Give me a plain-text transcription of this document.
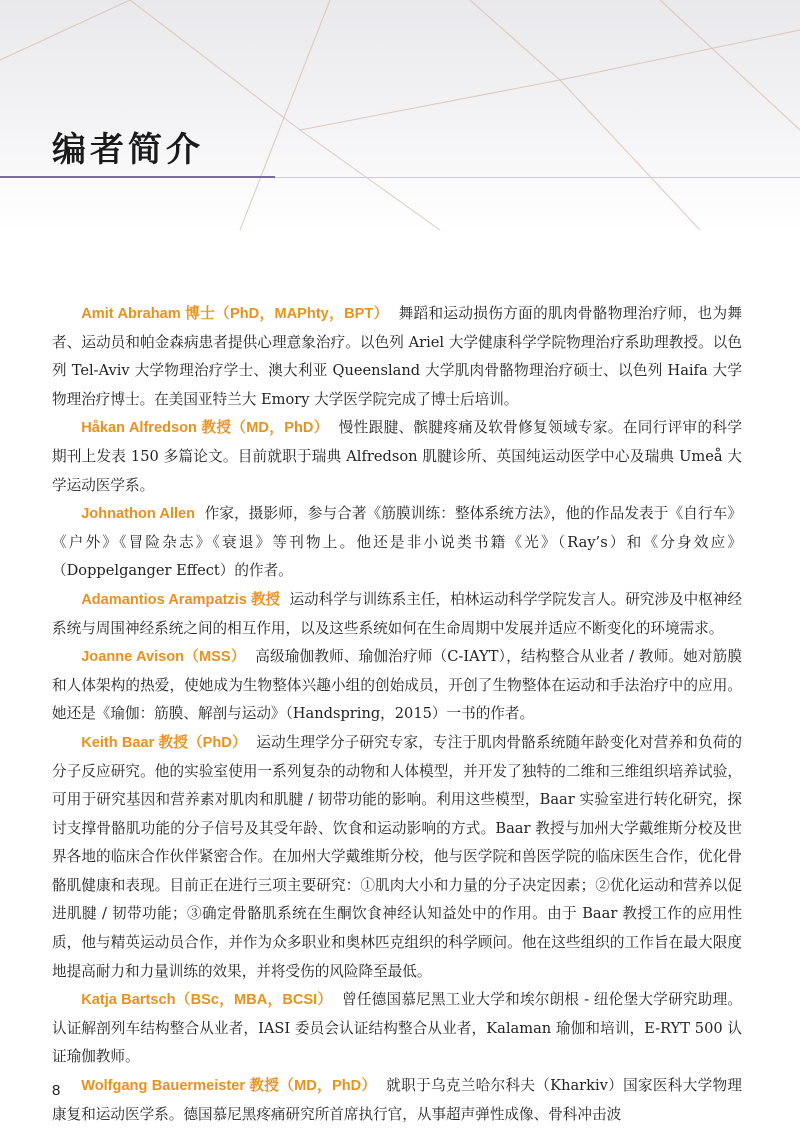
编者简介

Amit Abraham 博士（PhD，MAPhty，BPT） 舞蹈和运动损伤方面的肌肉骨骼物理治疗师，也为舞者、运动员和帕金森病患者提供心理意象治疗。以色列 Ariel 大学健康科学学院物理治疗系助理教授。以色列 Tel-Aviv 大学物理治疗学士、澳大利亚 Queensland 大学肌肉骨骼物理治疗硕士、以色列 Haifa 大学物理治疗博士。在美国亚特兰大 Emory 大学医学院完成了博士后培训。

Håkan Alfredson 教授（MD，PhD） 慢性跟腱、髌腱疼痛及软骨修复领域专家。在同行评审的科学期刊上发表 150 多篇论文。目前就职于瑞典 Alfredson 肌腱诊所、英国纯运动医学中心及瑞典 Umeå 大学运动医学系。

Johnathon Allen 作家，摄影师，参与合著《筋膜训练：整体系统方法》，他的作品发表于《自行车》《户外》《冒险杂志》《衰退》等刊物上。他还是非小说类书籍《光》（Ray’s）和《分身效应》（Doppelganger Effect）的作者。

Adamantios Arampatzis 教授 运动科学与训练系主任，柏林运动科学学院发言人。研究涉及中枢神经系统与周围神经系统之间的相互作用，以及这些系统如何在生命周期中发展并适应不断变化的环境需求。

Joanne Avison（MSS） 高级瑜伽教师、瑜伽治疗师（C-IAYT），结构整合从业者 / 教师。她对筋膜和人体架构的热爱，使她成为生物整体兴趣小组的创始成员，开创了生物整体在运动和手法治疗中的应用。她还是《瑜伽：筋膜、解剖与运动》（Handspring，2015）一书的作者。

Keith Baar 教授（PhD） 运动生理学分子研究专家，专注于肌肉骨骼系统随年龄变化对营养和负荷的分子反应研究。他的实验室使用一系列复杂的动物和人体模型，并开发了独特的二维和三维组织培养试验，可用于研究基因和营养素对肌肉和肌腱 / 韧带功能的影响。利用这些模型，Baar 实验室进行转化研究，探讨支撑骨骼肌功能的分子信号及其受年龄、饮食和运动影响的方式。Baar 教授与加州大学戴维斯分校及世界各地的临床合作伙伴紧密合作。在加州大学戴维斯分校，他与医学院和兽医学院的临床医生合作，优化骨骼肌健康和表现。目前正在进行三项主要研究：①肌肉大小和力量的分子决定因素；②优化运动和营养以促进肌腱 / 韧带功能；③确定骨骼肌系统在生酮饮食神经认知益处中的作用。由于 Baar 教授工作的应用性质，他与精英运动员合作，并作为众多职业和奥林匹克组织的科学顾问。他在这些组织的工作旨在最大限度地提高耐力和力量训练的效果，并将受伤的风险降至最低。

Katja Bartsch（BSc，MBA，BCSI） 曾任德国慕尼黑工业大学和埃尔朗根 - 纽伦堡大学研究助理。认证解剖列车结构整合从业者，IASI 委员会认证结构整合从业者，Kalaman 瑜伽和培训，E-RYT 500 认证瑜伽教师。

Wolfgang Bauermeister 教授（MD，PhD） 就职于乌克兰哈尔科夫（Kharkiv）国家医科大学物理康复和运动医学系。德国慕尼黑疼痛研究所首席执行官，从事超声弹性成像、骨科冲击波

8
